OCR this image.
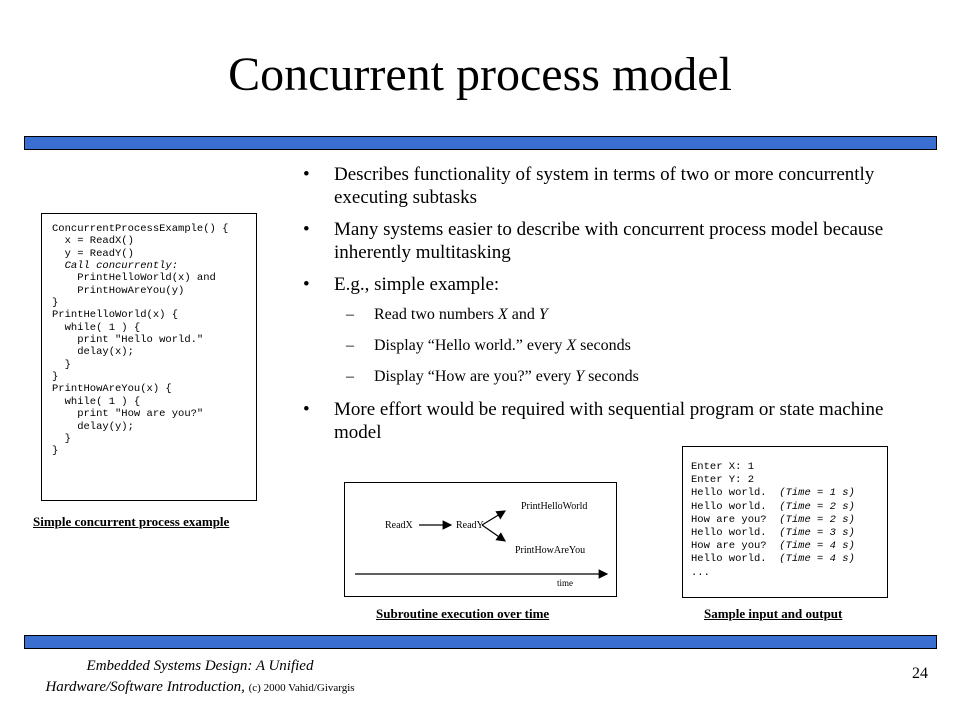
Concurrent process model
• Describes functionality of system in terms of two or more concurrently executing subtasks
• Many systems easier to describe with concurrent process model because inherently multitasking
• E.g., simple example:
– Read two numbers X and Y
– Display “Hello world.” every X seconds
– Display “How are you?” every Y seconds
• More effort would be required with sequential program or state machine model
ConcurrentProcessExample() {
x = ReadX()
y = ReadY()
Call concurrently:
PrintHelloWorld(x) and
PrintHowAreYou(y)
}
PrintHelloWorld(x) {
while( 1 ) {
print "Hello world."
delay(x);
}
}
PrintHowAreYou(x) {
while( 1 ) {
print "How are you?"
delay(y);
}
}
Simple concurrent process example	ReadX	ReadY
PrintHelloWorld
PrintHowAreYou
time
Subroutine execution over time
Enter X: 1
Enter Y: 2
Hello world. (Time = 1 s)
Hello world. (Time = 2 s)
How are you? (Time = 2 s)
Hello world. (Time = 3 s)
How are you? (Time = 4 s)
Hello world. (Time = 4 s)
...
Sample input and output
Embedded Systems Design: A Unified
Hardware/Software Introduction, (c) 2000 Vahid/Givargis
24
